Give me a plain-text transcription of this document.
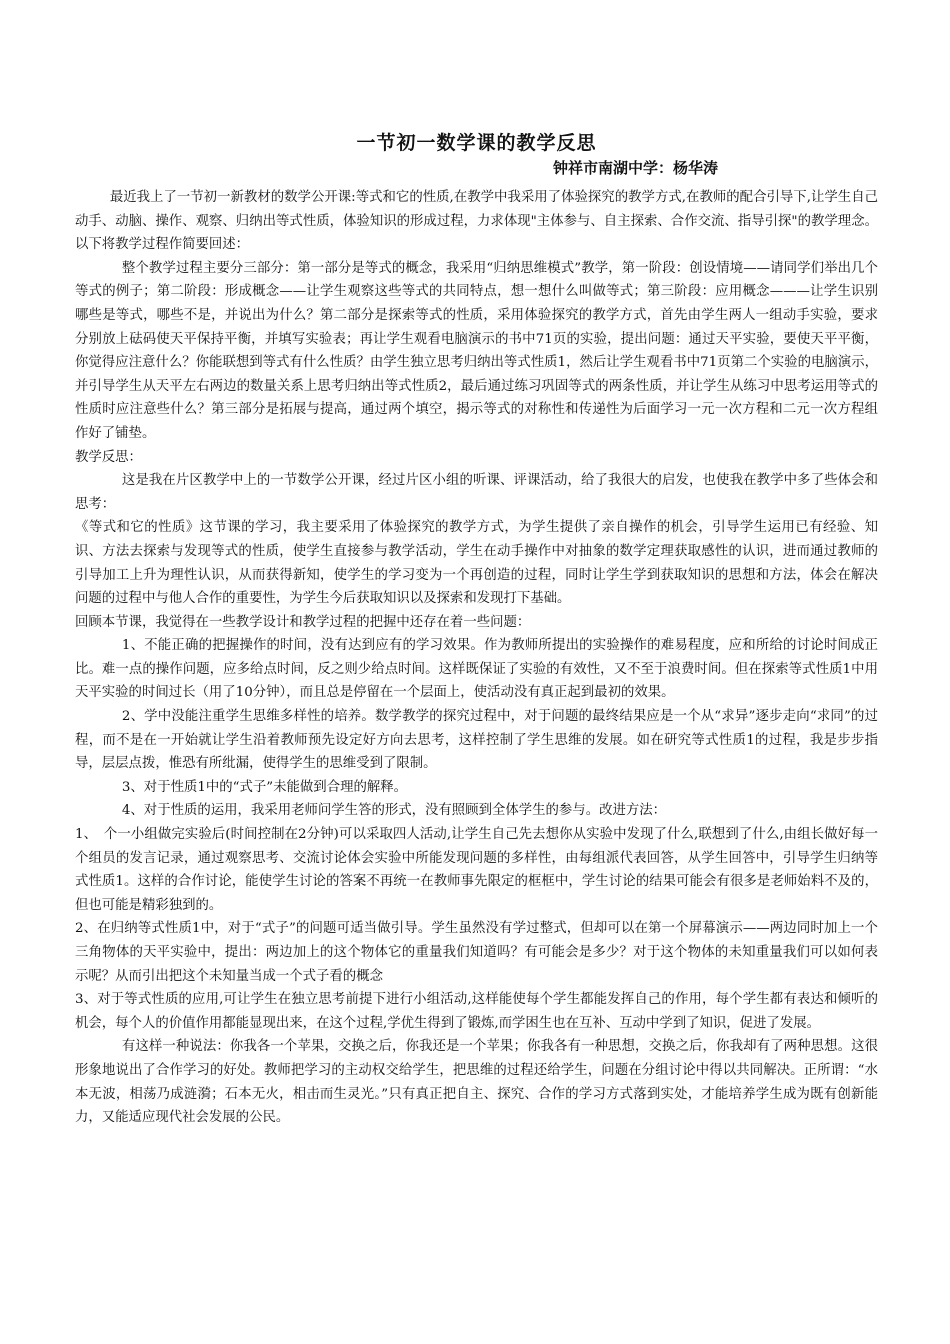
一节初一数学课的教学反思
钟祥市南湖中学：杨华涛

最近我上了一节初一新教材的数学公开课:等式和它的性质,在教学中我采用了体验探究的教学方式,在教师的配合引导下,让学生自己动手、动脑、操作、观察、归纳出等式性质，体验知识的形成过程，力求体现"主体参与、自主探索、合作交流、指导引探"的教学理念。以下将教学过程作简要回述：

整个教学过程主要分三部分：第一部分是等式的概念，我采用“归纳思维模式”教学，第一阶段：创设情境——请同学们举出几个等式的例子；第二阶段：形成概念——让学生观察这些等式的共同特点，想一想什么叫做等式；第三阶段：应用概念———让学生识别哪些是等式，哪些不是，并说出为什么？第二部分是探索等式的性质，采用体验探究的教学方式，首先由学生两人一组动手实验，要求分别放上砝码使天平保持平衡，并填写实验表；再让学生观看电脑演示的书中71页的实验，提出问题：通过天平实验，要使天平平衡，你觉得应注意什么？你能联想到等式有什么性质？由学生独立思考归纳出等式性质1，然后让学生观看书中71页第二个实验的电脑演示，并引导学生从天平左右两边的数量关系上思考归纳出等式性质2，最后通过练习巩固等式的两条性质，并让学生从练习中思考运用等式的性质时应注意些什么？第三部分是拓展与提高，通过两个填空，揭示等式的对称性和传递性为后面学习一元一次方程和二元一次方程组作好了铺垫。

教学反思：

这是我在片区教学中上的一节数学公开课，经过片区小组的听课、评课活动，给了我很大的启发，也使我在教学中多了些体会和思考：

《等式和它的性质》这节课的学习，我主要采用了体验探究的教学方式，为学生提供了亲自操作的机会，引导学生运用已有经验、知识、方法去探索与发现等式的性质，使学生直接参与教学活动，学生在动手操作中对抽象的数学定理获取感性的认识，进而通过教师的引导加工上升为理性认识，从而获得新知，使学生的学习变为一个再创造的过程，同时让学生学到获取知识的思想和方法，体会在解决问题的过程中与他人合作的重要性，为学生今后获取知识以及探索和发现打下基础。

回顾本节课，我觉得在一些教学设计和教学过程的把握中还存在着一些问题：

1、不能正确的把握操作的时间，没有达到应有的学习效果。作为教师所提出的实验操作的难易程度，应和所给的讨论时间成正比。难一点的操作问题，应多给点时间，反之则少给点时间。这样既保证了实验的有效性，又不至于浪费时间。但在探索等式性质1中用天平实验的时间过长（用了10分钟），而且总是停留在一个层面上，使活动没有真正起到最初的效果。

2、学中没能注重学生思维多样性的培养。数学教学的探究过程中，对于问题的最终结果应是一个从“求异”逐步走向“求同”的过程，而不是在一开始就让学生沿着教师预先设定好方向去思考，这样控制了学生思维的发展。如在研究等式性质1的过程，我是步步指导，层层点拨，惟恐有所纰漏，使得学生的思维受到了限制。

3、对于性质1中的“式子”未能做到合理的解释。

4、对于性质的运用，我采用老师问学生答的形式，没有照顾到全体学生的参与。改进方法：

1、　个一小组做完实验后(时间控制在2分钟)可以采取四人活动,让学生自己先去想你从实验中发现了什么,联想到了什么,由组长做好每一个组员的发言记录，通过观察思考、交流讨论体会实验中所能发现问题的多样性，由每组派代表回答，从学生回答中，引导学生归纳等式性质1。这样的合作讨论，能使学生讨论的答案不再统一在教师事先限定的框框中，学生讨论的结果可能会有很多是老师始料不及的，但也可能是精彩独到的。

2、在归纳等式性质1中，对于“式子”的问题可适当做引导。学生虽然没有学过整式，但却可以在第一个屏幕演示——两边同时加上一个三角物体的天平实验中，提出：两边加上的这个物体它的重量我们知道吗？有可能会是多少？对于这个物体的未知重量我们可以如何表示呢？从而引出把这个未知量当成一个式子看的概念

3、对于等式性质的应用,可让学生在独立思考前提下进行小组活动,这样能使每个学生都能发挥自己的作用，每个学生都有表达和倾听的机会，每个人的价值作用都能显现出来，在这个过程,学优生得到了锻炼,而学困生也在互补、互动中学到了知识，促进了发展。

有这样一种说法：你我各一个苹果，交换之后，你我还是一个苹果；你我各有一种思想，交换之后，你我却有了两种思想。这很形象地说出了合作学习的好处。教师把学习的主动权交给学生，把思维的过程还给学生，问题在分组讨论中得以共同解决。正所谓：“水本无波，相荡乃成涟漪；石本无火，相击而生灵光。”只有真正把自主、探究、合作的学习方式落到实处，才能培养学生成为既有创新能力，又能适应现代社会发展的公民。
